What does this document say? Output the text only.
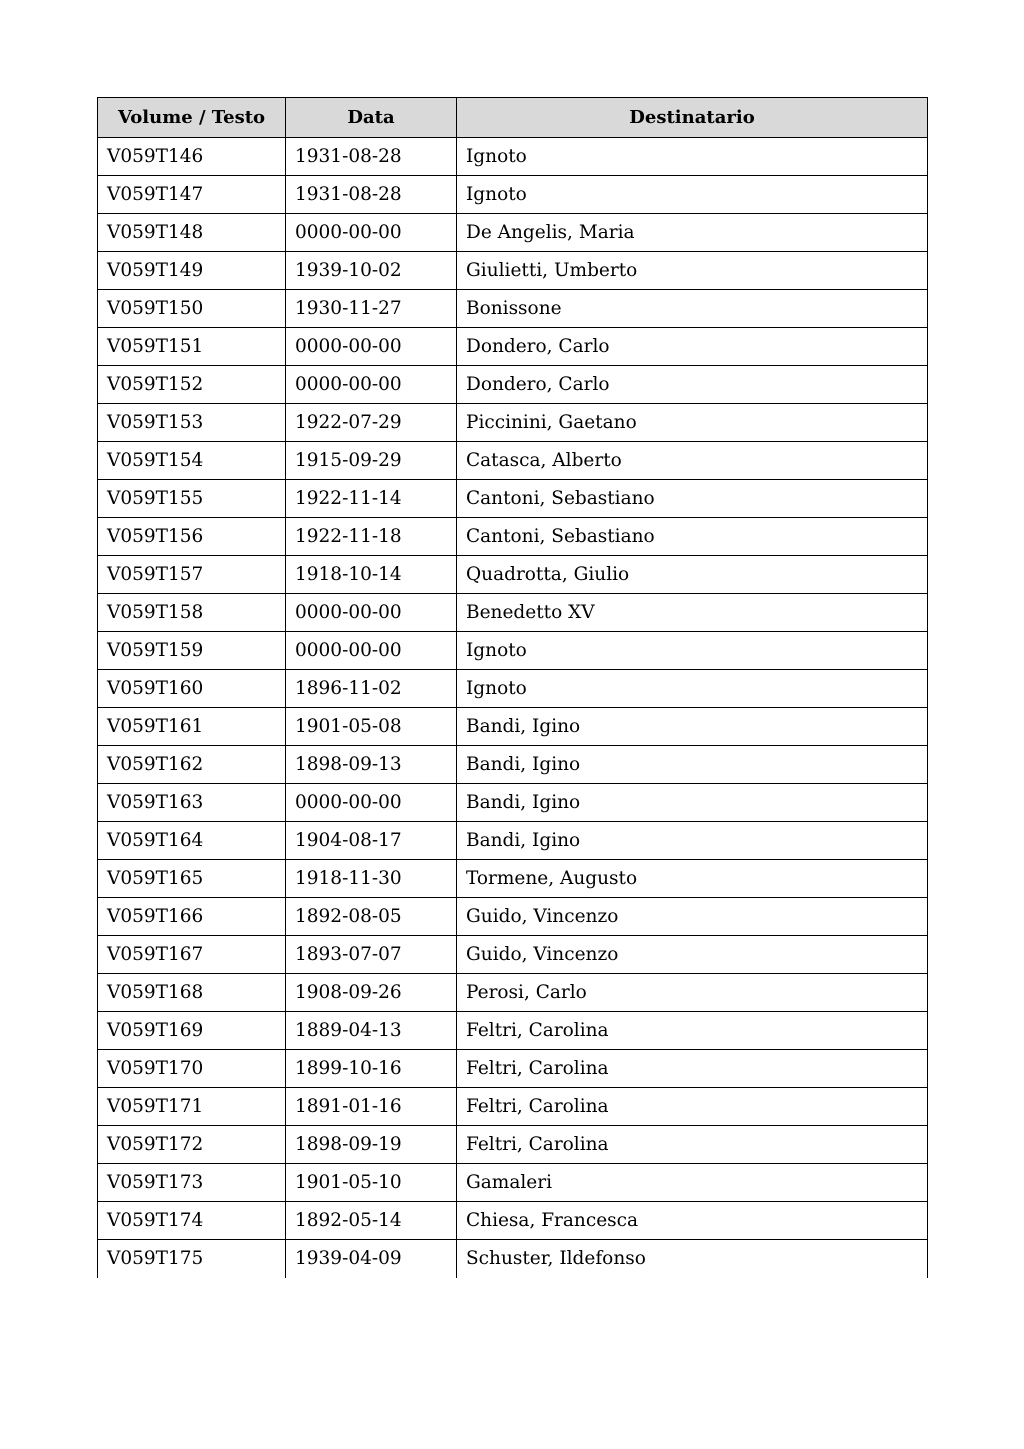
Volume / Testo	Data	Destinatario
V059T146	1931-08-28	Ignoto
V059T147	1931-08-28	Ignoto
V059T148	0000-00-00	De Angelis, Maria
V059T149	1939-10-02	Giulietti, Umberto
V059T150	1930-11-27	Bonissone
V059T151	0000-00-00	Dondero, Carlo
V059T152	0000-00-00	Dondero, Carlo
V059T153	1922-07-29	Piccinini, Gaetano
V059T154	1915-09-29	Catasca, Alberto
V059T155	1922-11-14	Cantoni, Sebastiano
V059T156	1922-11-18	Cantoni, Sebastiano
V059T157	1918-10-14	Quadrotta, Giulio
V059T158	0000-00-00	Benedetto XV
V059T159	0000-00-00	Ignoto
V059T160	1896-11-02	Ignoto
V059T161	1901-05-08	Bandi, Igino
V059T162	1898-09-13	Bandi, Igino
V059T163	0000-00-00	Bandi, Igino
V059T164	1904-08-17	Bandi, Igino
V059T165	1918-11-30	Tormene, Augusto
V059T166	1892-08-05	Guido, Vincenzo
V059T167	1893-07-07	Guido, Vincenzo
V059T168	1908-09-26	Perosi, Carlo
V059T169	1889-04-13	Feltri, Carolina
V059T170	1899-10-16	Feltri, Carolina
V059T171	1891-01-16	Feltri, Carolina
V059T172	1898-09-19	Feltri, Carolina
V059T173	1901-05-10	Gamaleri
V059T174	1892-05-14	Chiesa, Francesca
V059T175	1939-04-09	Schuster, Ildefonso
